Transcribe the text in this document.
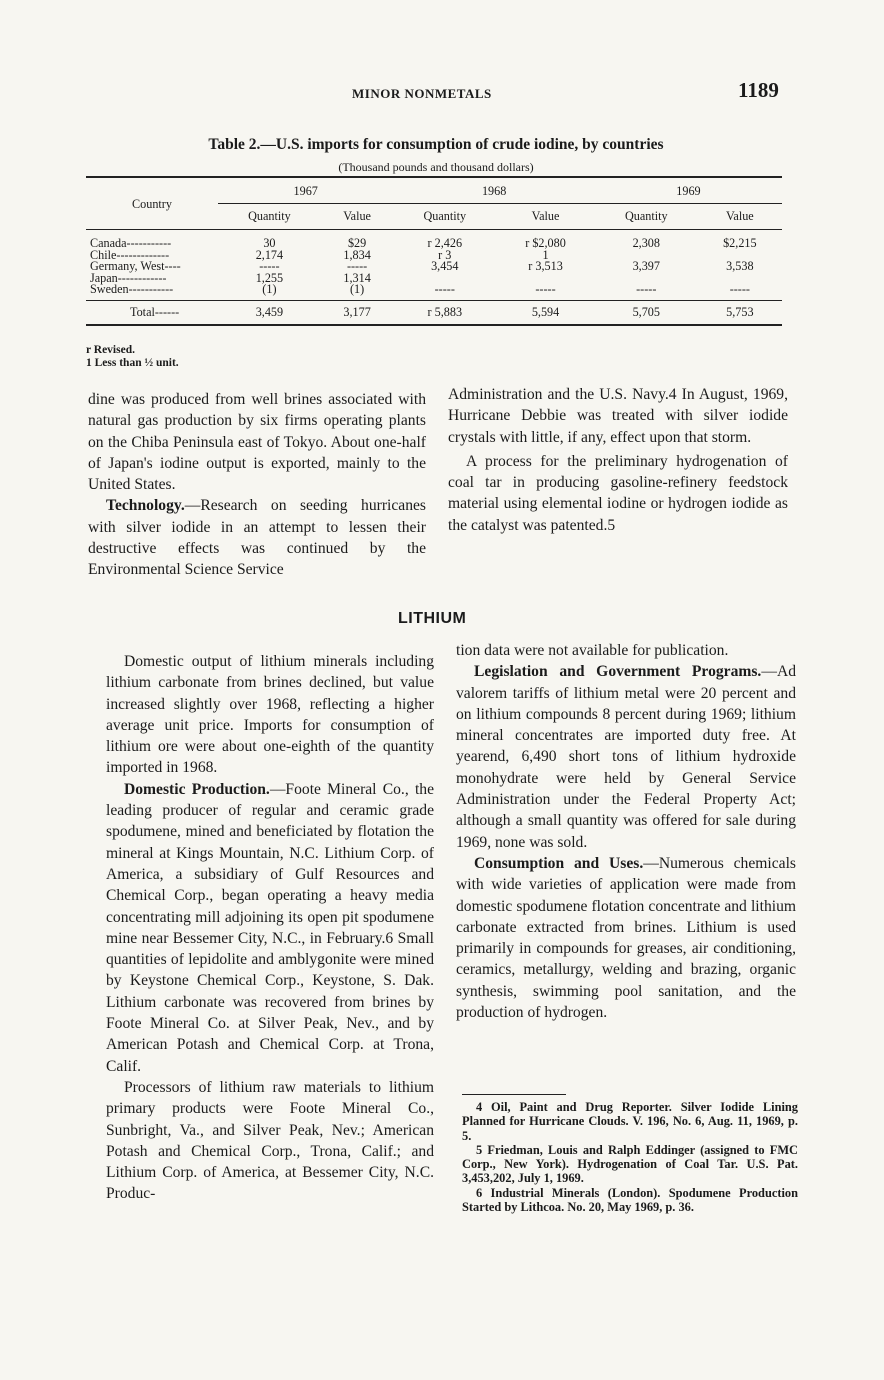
MINOR NONMETALS	1189
Table 2.—U.S. imports for consumption of crude iodine, by countries
(Thousand pounds and thousand dollars)
Country	1967		1968		1969	
	Quantity	Value	Quantity	Value	Quantity	Value
Canada-----------	30	$29	r 2,426	r $2,080	2,308	$2,215
Chile-------------	2,174	1,834	r 3	1		
Germany, West----	-----	-----	3,454	r 3,513	3,397	3,538
Japan------------	1,255	1,314				
Sweden-----------	(1)	(1)	-----	-----	-----	-----
Total------	3,459	3,177	r 5,883	5,594	5,705	5,753
r Revised.
1 Less than ½ unit.

dine was produced from well brines associated with natural gas production by six firms operating plants on the Chiba Peninsula east of Tokyo. About one-half of Japan's iodine output is exported, mainly to the United States.

Technology.—Research on seeding hurricanes with silver iodide in an attempt to lessen their destructive effects was continued by the Environmental Science Service

Administration and the U.S. Navy.4 In August, 1969, Hurricane Debbie was treated with silver iodide crystals with little, if any, effect upon that storm.

A process for the preliminary hydrogenation of coal tar in producing gasoline-refinery feedstock material using elemental iodine or hydrogen iodide as the catalyst was patented.5

LITHIUM

Domestic output of lithium minerals including lithium carbonate from brines declined, but value increased slightly over 1968, reflecting a higher average unit price. Imports for consumption of lithium ore were about one-eighth of the quantity imported in 1968.

Domestic Production.—Foote Mineral Co., the leading producer of regular and ceramic grade spodumene, mined and beneficiated by flotation the mineral at Kings Mountain, N.C. Lithium Corp. of America, a subsidiary of Gulf Resources and Chemical Corp., began operating a heavy media concentrating mill adjoining its open pit spodumene mine near Bessemer City, N.C., in February.6 Small quantities of lepidolite and amblygonite were mined by Keystone Chemical Corp., Keystone, S. Dak. Lithium carbonate was recovered from brines by Foote Mineral Co. at Silver Peak, Nev., and by American Potash and Chemical Corp. at Trona, Calif.

Processors of lithium raw materials to lithium primary products were Foote Mineral Co., Sunbright, Va., and Silver Peak, Nev.; American Potash and Chemical Corp., Trona, Calif.; and Lithium Corp. of America, at Bessemer City, N.C. Produc-

tion data were not available for publication.

Legislation and Government Programs.—Ad valorem tariffs of lithium metal were 20 percent and on lithium compounds 8 percent during 1969; lithium mineral concentrates are imported duty free. At yearend, 6,490 short tons of lithium hydroxide monohydrate were held by General Service Administration under the Federal Property Act; although a small quantity was offered for sale during 1969, none was sold.

Consumption and Uses.—Numerous chemicals with wide varieties of application were made from domestic spodumene flotation concentrate and lithium carbonate extracted from brines. Lithium is used primarily in compounds for greases, air conditioning, ceramics, metallurgy, welding and brazing, organic synthesis, swimming pool sanitation, and the production of hydrogen.

4 Oil, Paint and Drug Reporter. Silver Iodide Lining Planned for Hurricane Clouds. V. 196, No. 6, Aug. 11, 1969, p. 5.

5 Friedman, Louis and Ralph Eddinger (assigned to FMC Corp., New York). Hydrogenation of Coal Tar. U.S. Pat. 3,453,202, July 1, 1969.

6 Industrial Minerals (London). Spodumene Production Started by Lithcoa. No. 20, May 1969, p. 36.
